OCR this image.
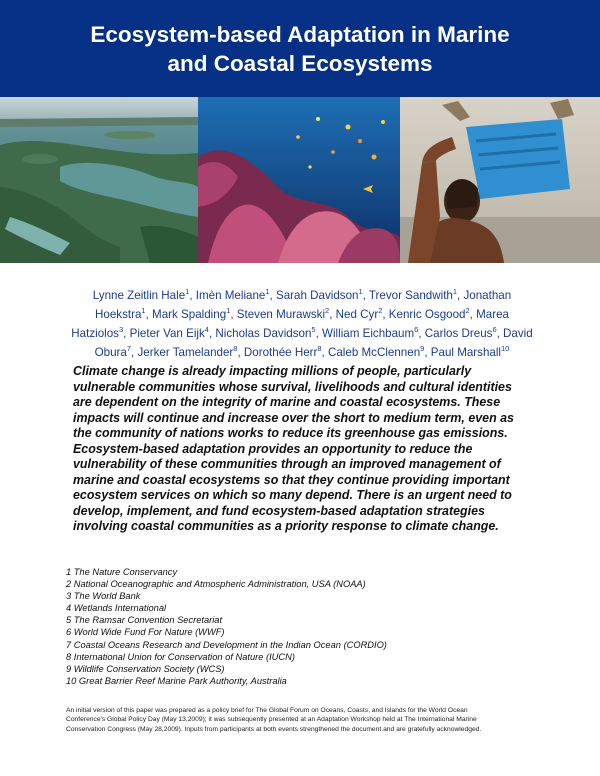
Ecosystem-based Adaptation in Marine
and Coastal Ecosystems
Lynne Zeitlin Hale$^1$, Imèn Meliane$^1$, Sarah Davidson$^1$, Trevor Sandwith$^1$, Jonathan
Hoekstra$^1$, Mark Spalding$^1$, Steven Murawski$^2$, Ned Cyr$^2$, Kenric Osgood$^2$, Marea
Hatziolos$^3$, Pieter Van Eijk$^4$, Nicholas Davidson$^5$, William Eichbaum$^6$, Carlos Dreus$^6$, David
Obura$^7$, Jerker Tamelander$^8$, Dorothée Herr$^8$, Caleb McClennen$^9$, Paul Marshall$^{10}$
Climate change is already impacting millions of people, particularly
vulnerable communities whose survival, livelihoods and cultural identities
are dependent on the integrity of marine and coastal ecosystems. These
impacts will continue and increase over the short to medium term, even as
the community of nations works to reduce its greenhouse gas emissions.
Ecosystem-based adaptation provides an opportunity to reduce the
vulnerability of these communities through an improved management of
marine and coastal ecosystems so that they continue providing important
ecosystem services on which so many depend. There is an urgent need to
develop, implement, and fund ecosystem-based adaptation strategies
involving coastal communities as a priority response to climate change.
1 The Nature Conservancy
2 National Oceanographic and Atmospheric Administration, USA (NOAA)
3 The World Bank
4 Wetlands International
5 The Ramsar Convention Secretariat
6 World Wide Fund For Nature (WWF)
7 Coastal Oceans Research and Development in the Indian Ocean (CORDIO)
8 International Union for Conservation of Nature (IUCN)
9 Wildlife Conservation Society (WCS)
10 Great Barrier Reef Marine Park Authority, Australia
An initial version of this paper was prepared as a policy brief for The Global Forum on Oceans, Coasts, and Islands for the World Ocean
Conference's Global Policy Day (May 13,2009); it was subsequently presented at an Adaptation Workshop held at The International Marine
Conservation Congress (May 28,2009). Inputs from participants at both events strengthened the document and are gratefully acknowledged.
